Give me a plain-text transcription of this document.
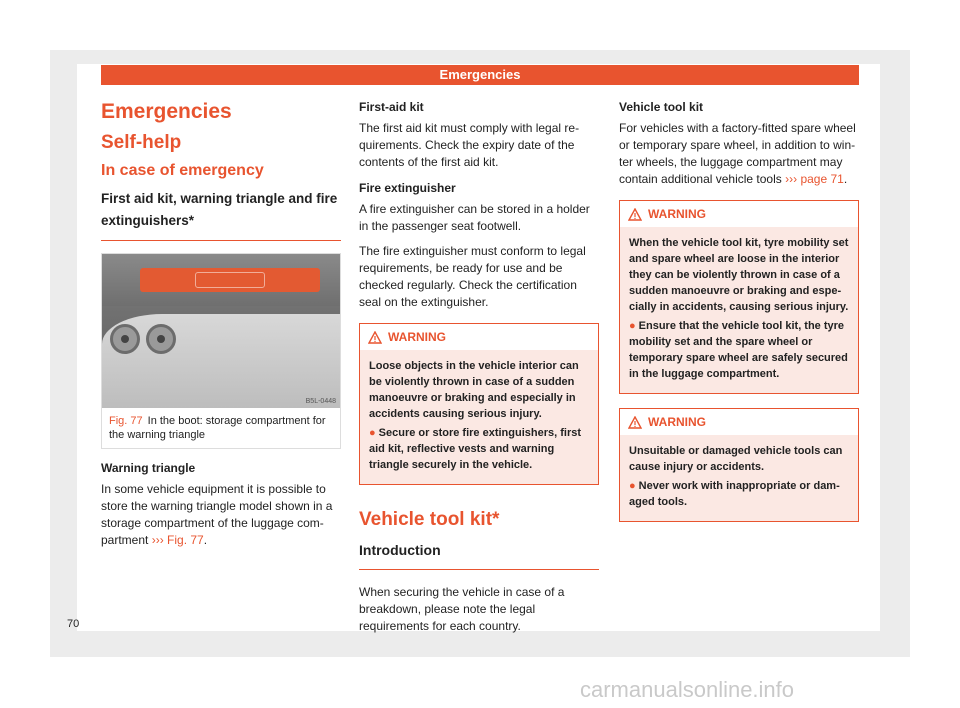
Emergencies
Emergencies
Self-help
In case of emergency
First aid kit, warning triangle and fire extinguishers*
B5L-0448
Fig. 77 In the boot: storage compartment for the warning triangle
Warning triangle

In some vehicle equipment it is possible to store the warning triangle model shown in a storage compartment of the luggage compartment ››› Fig. 77.

First-aid kit

The first aid kit must comply with legal requirements. Check the expiry date of the contents of the first aid kit.

Fire extinguisher

A fire extinguisher can be stored in a holder in the passenger seat footwell.

The fire extinguisher must conform to legal requirements, be ready for use and be checked regularly. Check the certification seal on the extinguisher.

WARNING
Loose objects in the vehicle interior can be violently thrown in case of a sudden manoeuvre or braking and especially in accidents causing serious injury.
● Secure or store fire extinguishers, first aid kit, reflective vests and warning triangle securely in the vehicle.
Vehicle tool kit*
Introduction

When securing the vehicle in case of a breakdown, please note the legal requirements for each country.

Vehicle tool kit

For vehicles with a factory-fitted spare wheel or temporary spare wheel, in addition to winter wheels, the luggage compartment may contain additional vehicle tools ››› page 71.

WARNING
When the vehicle tool kit, tyre mobility set and spare wheel are loose in the interior they can be violently thrown in case of a sudden manoeuvre or braking and especially in accidents, causing serious injury.
● Ensure that the vehicle tool kit, the tyre mobility set and the spare wheel or temporary spare wheel are safely secured in the luggage compartment.
WARNING
Unsuitable or damaged vehicle tools can cause injury or accidents.
● Never work with inappropriate or damaged tools.
70
carmanualsonline.info
